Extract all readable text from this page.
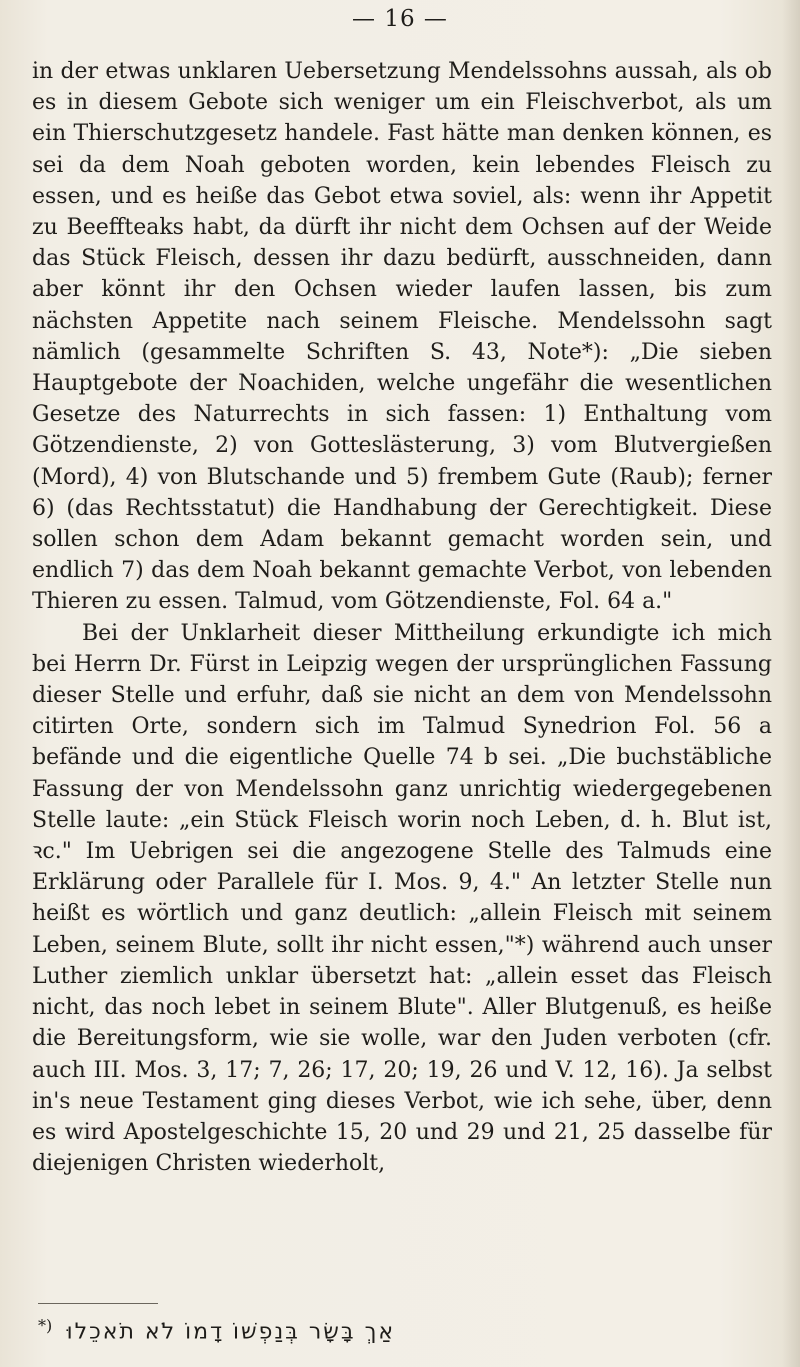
— 16 —

in der etwas unklaren Uebersetzung Mendelssohns aussah, als ob es in diesem Gebote sich weniger um ein Fleischverbot, als um ein Thierschutzgesetz handele. Fast hätte man denken können, es sei da dem Noah geboten worden, kein lebendes Fleisch zu essen, und es heiße das Gebot etwa soviel, als: wenn ihr Appetit zu Beeffteaks habt, da dürft ihr nicht dem Ochsen auf der Weide das Stück Fleisch, dessen ihr dazu bedürft, ausschneiden, dann aber könnt ihr den Ochsen wieder laufen lassen, bis zum nächsten Appetite nach seinem Fleische. Mendelssohn sagt nämlich (gesammelte Schriften S. 43, Note*): „Die sieben Hauptgebote der Noachiden, welche ungefähr die wesentlichen Gesetze des Naturrechts in sich fassen: 1) Enthaltung vom Götzendienste, 2) von Gotteslästerung, 3) vom Blutvergießen (Mord), 4) von Blutschande und 5) frembem Gute (Raub); ferner 6) (das Rechtsstatut) die Handhabung der Gerechtigkeit. Diese sollen schon dem Adam bekannt gemacht worden sein, und endlich 7) das dem Noah bekannt gemachte Verbot, von lebenden Thieren zu essen. Talmud, vom Götzendienste, Fol. 64 a."

Bei der Unklarheit dieser Mittheilung erkundigte ich mich bei Herrn Dr. Fürst in Leipzig wegen der ursprünglichen Fassung dieser Stelle und erfuhr, daß sie nicht an dem von Mendelssohn citirten Orte, sondern sich im Talmud Synedrion Fol. 56 a befände und die eigentliche Quelle 74 b sei. „Die buchstäbliche Fassung der von Mendelssohn ganz unrichtig wiedergegebenen Stelle laute: „ein Stück Fleisch worin noch Leben, d. h. Blut ist, ꝛc." Im Uebrigen sei die angezogene Stelle des Talmuds eine Erklärung oder Parallele für I. Mos. 9, 4." An letzter Stelle nun heißt es wörtlich und ganz deutlich: „allein Fleisch mit seinem Leben, seinem Blute, sollt ihr nicht essen,"*) während auch unser Luther ziemlich unklar übersetzt hat: „allein esset das Fleisch nicht, das noch lebet in seinem Blute". Aller Blutgenuß, es heiße die Bereitungsform, wie sie wolle, war den Juden verboten (cfr. auch III. Mos. 3, 17; 7, 26; 17, 20; 19, 26 und V. 12, 16). Ja selbst in's neue Testament ging dieses Verbot, wie ich sehe, über, denn es wird Apostelgeschichte 15, 20 und 29 und 21, 25 dasselbe für diejenigen Christen wiederholt,

*) אַךְ בָּשָׂר בְּנַפְשׁוֹ דָמוֹ לֹא תֹאכֵלוּ
